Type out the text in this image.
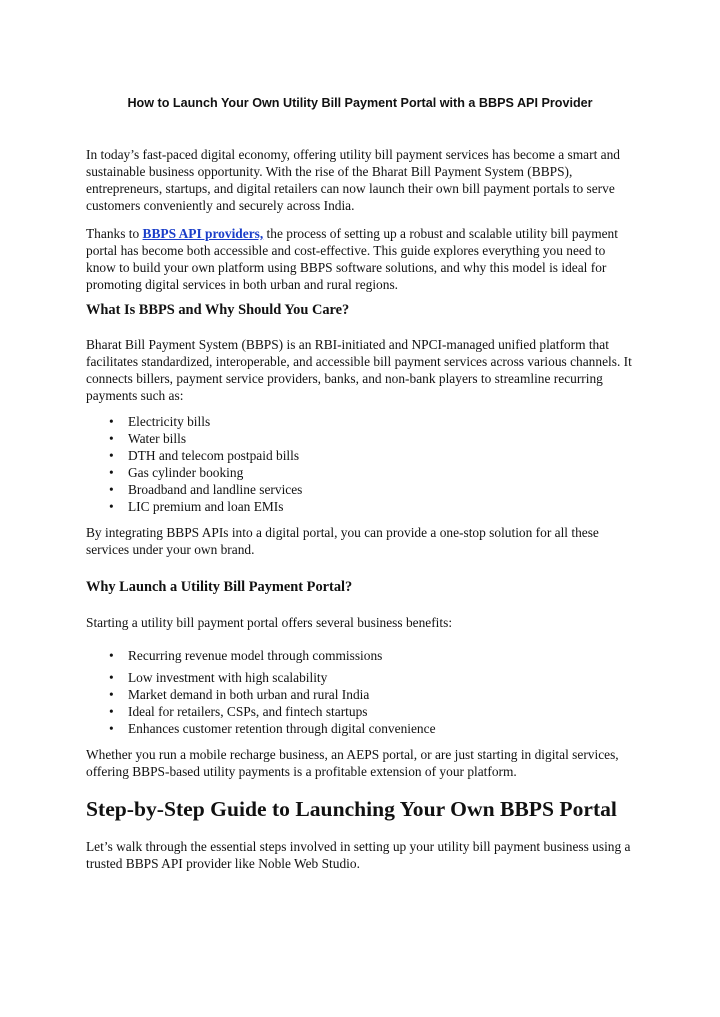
How to Launch Your Own Utility Bill Payment Portal with a BBPS API Provider

In today’s fast-paced digital economy, offering utility bill payment services has become a smart and sustainable business opportunity. With the rise of the Bharat Bill Payment System (BBPS), entrepreneurs, startups, and digital retailers can now launch their own bill payment portals to serve customers conveniently and securely across India.

Thanks to BBPS API providers, the process of setting up a robust and scalable utility bill payment portal has become both accessible and cost-effective. This guide explores everything you need to know to build your own platform using BBPS software solutions, and why this model is ideal for promoting digital services in both urban and rural regions.

What Is BBPS and Why Should You Care?

Bharat Bill Payment System (BBPS) is an RBI-initiated and NPCI-managed unified platform that facilitates standardized, interoperable, and accessible bill payment services across various channels. It connects billers, payment service providers, banks, and non-bank players to streamline recurring payments such as:

• Electricity bills
• Water bills
• DTH and telecom postpaid bills
• Gas cylinder booking
• Broadband and landline services
• LIC premium and loan EMIs

By integrating BBPS APIs into a digital portal, you can provide a one-stop solution for all these services under your own brand.

Why Launch a Utility Bill Payment Portal?

Starting a utility bill payment portal offers several business benefits:

• Recurring revenue model through commissions
• Low investment with high scalability
• Market demand in both urban and rural India
• Ideal for retailers, CSPs, and fintech startups
• Enhances customer retention through digital convenience

Whether you run a mobile recharge business, an AEPS portal, or are just starting in digital services, offering BBPS-based utility payments is a profitable extension of your platform.

Step-by-Step Guide to Launching Your Own BBPS Portal

Let’s walk through the essential steps involved in setting up your utility bill payment business using a trusted BBPS API provider like Noble Web Studio.
